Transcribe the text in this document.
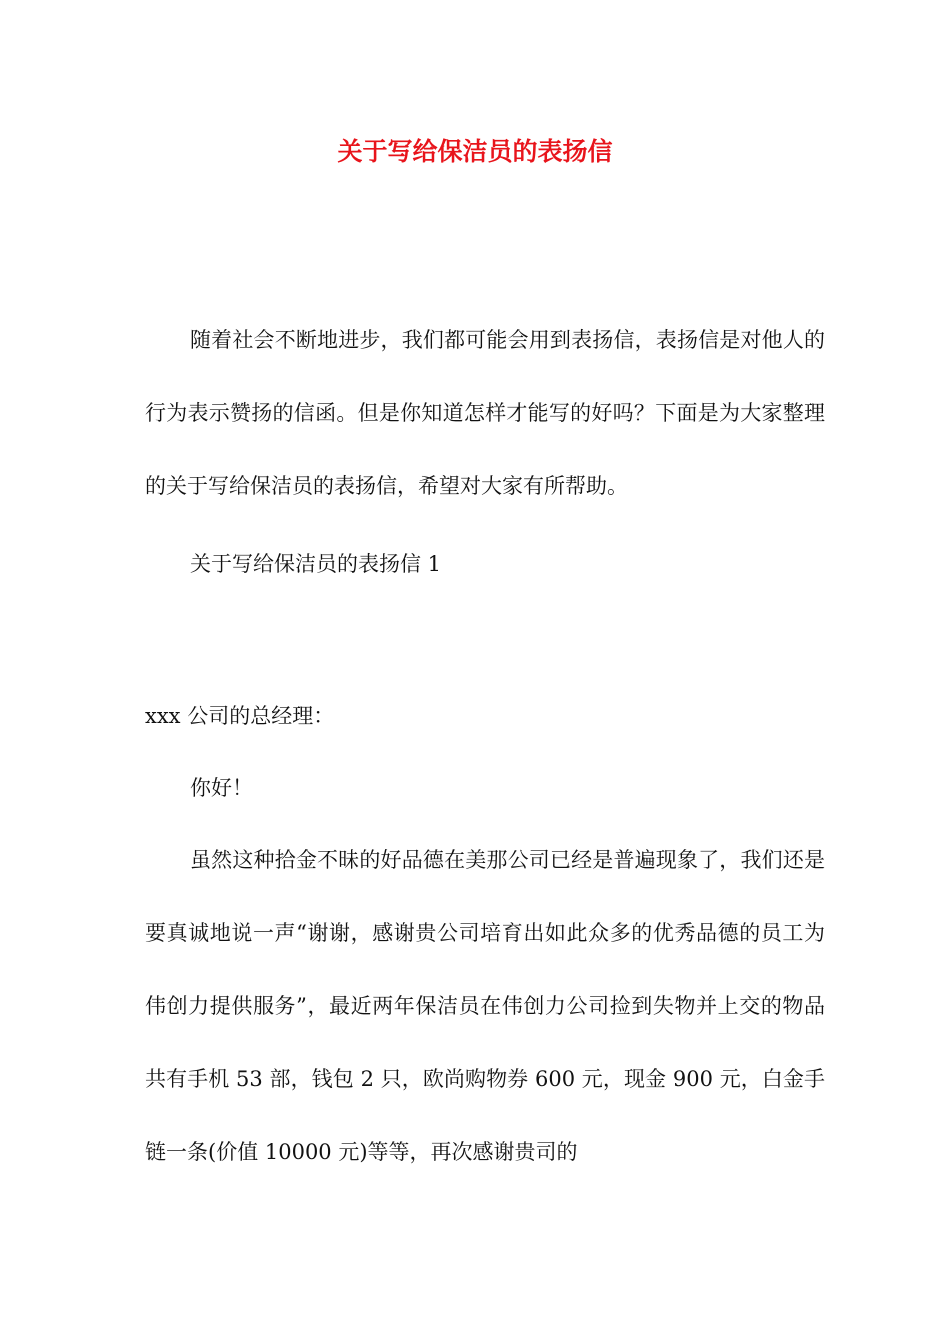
关于写给保洁员的表扬信

随着社会不断地进步，我们都可能会用到表扬信，表扬信是对他人的行为表示赞扬的信函。但是你知道怎样才能写的好吗？下面是为大家整理的关于写给保洁员的表扬信，希望对大家有所帮助。

关于写给保洁员的表扬信 1

xxx 公司的总经理：

你好！

虽然这种拾金不昧的好品德在美那公司已经是普遍现象了，我们还是要真诚地说一声“谢谢，感谢贵公司培育出如此众多的优秀品德的员工为伟创力提供服务”，最近两年保洁员在伟创力公司捡到失物并上交的物品共有手机 53 部，钱包 2 只，欧尚购物券 600 元，现金 900 元，白金手链一条(价值 10000 元)等等，再次感谢贵司的
